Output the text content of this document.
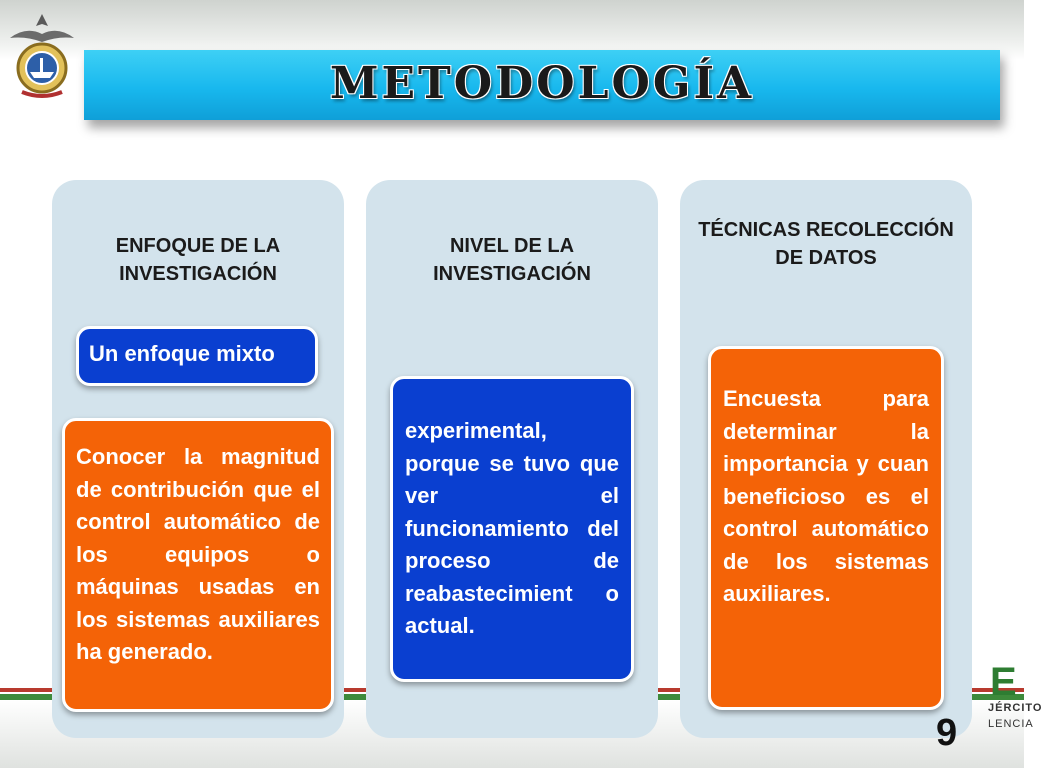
METODOLOGÍA
ENFOQUE DE LA INVESTIGACIÓN
Un enfoque mixto
Conocer la magnitud de contribución que el control automático de los equipos o máquinas usadas en los sistemas auxiliares ha generado.
NIVEL DE LA INVESTIGACIÓN
experimental, porque se tuvo que ver el funcionamiento del proceso de reabastecimient o actual.
TÉCNICAS RECOLECCIÓN DE DATOS
Encuesta para determinar la importancia y cuan beneficioso es el control automático de los sistemas auxiliares.
E
JÉRCITO
LENCIA
9
